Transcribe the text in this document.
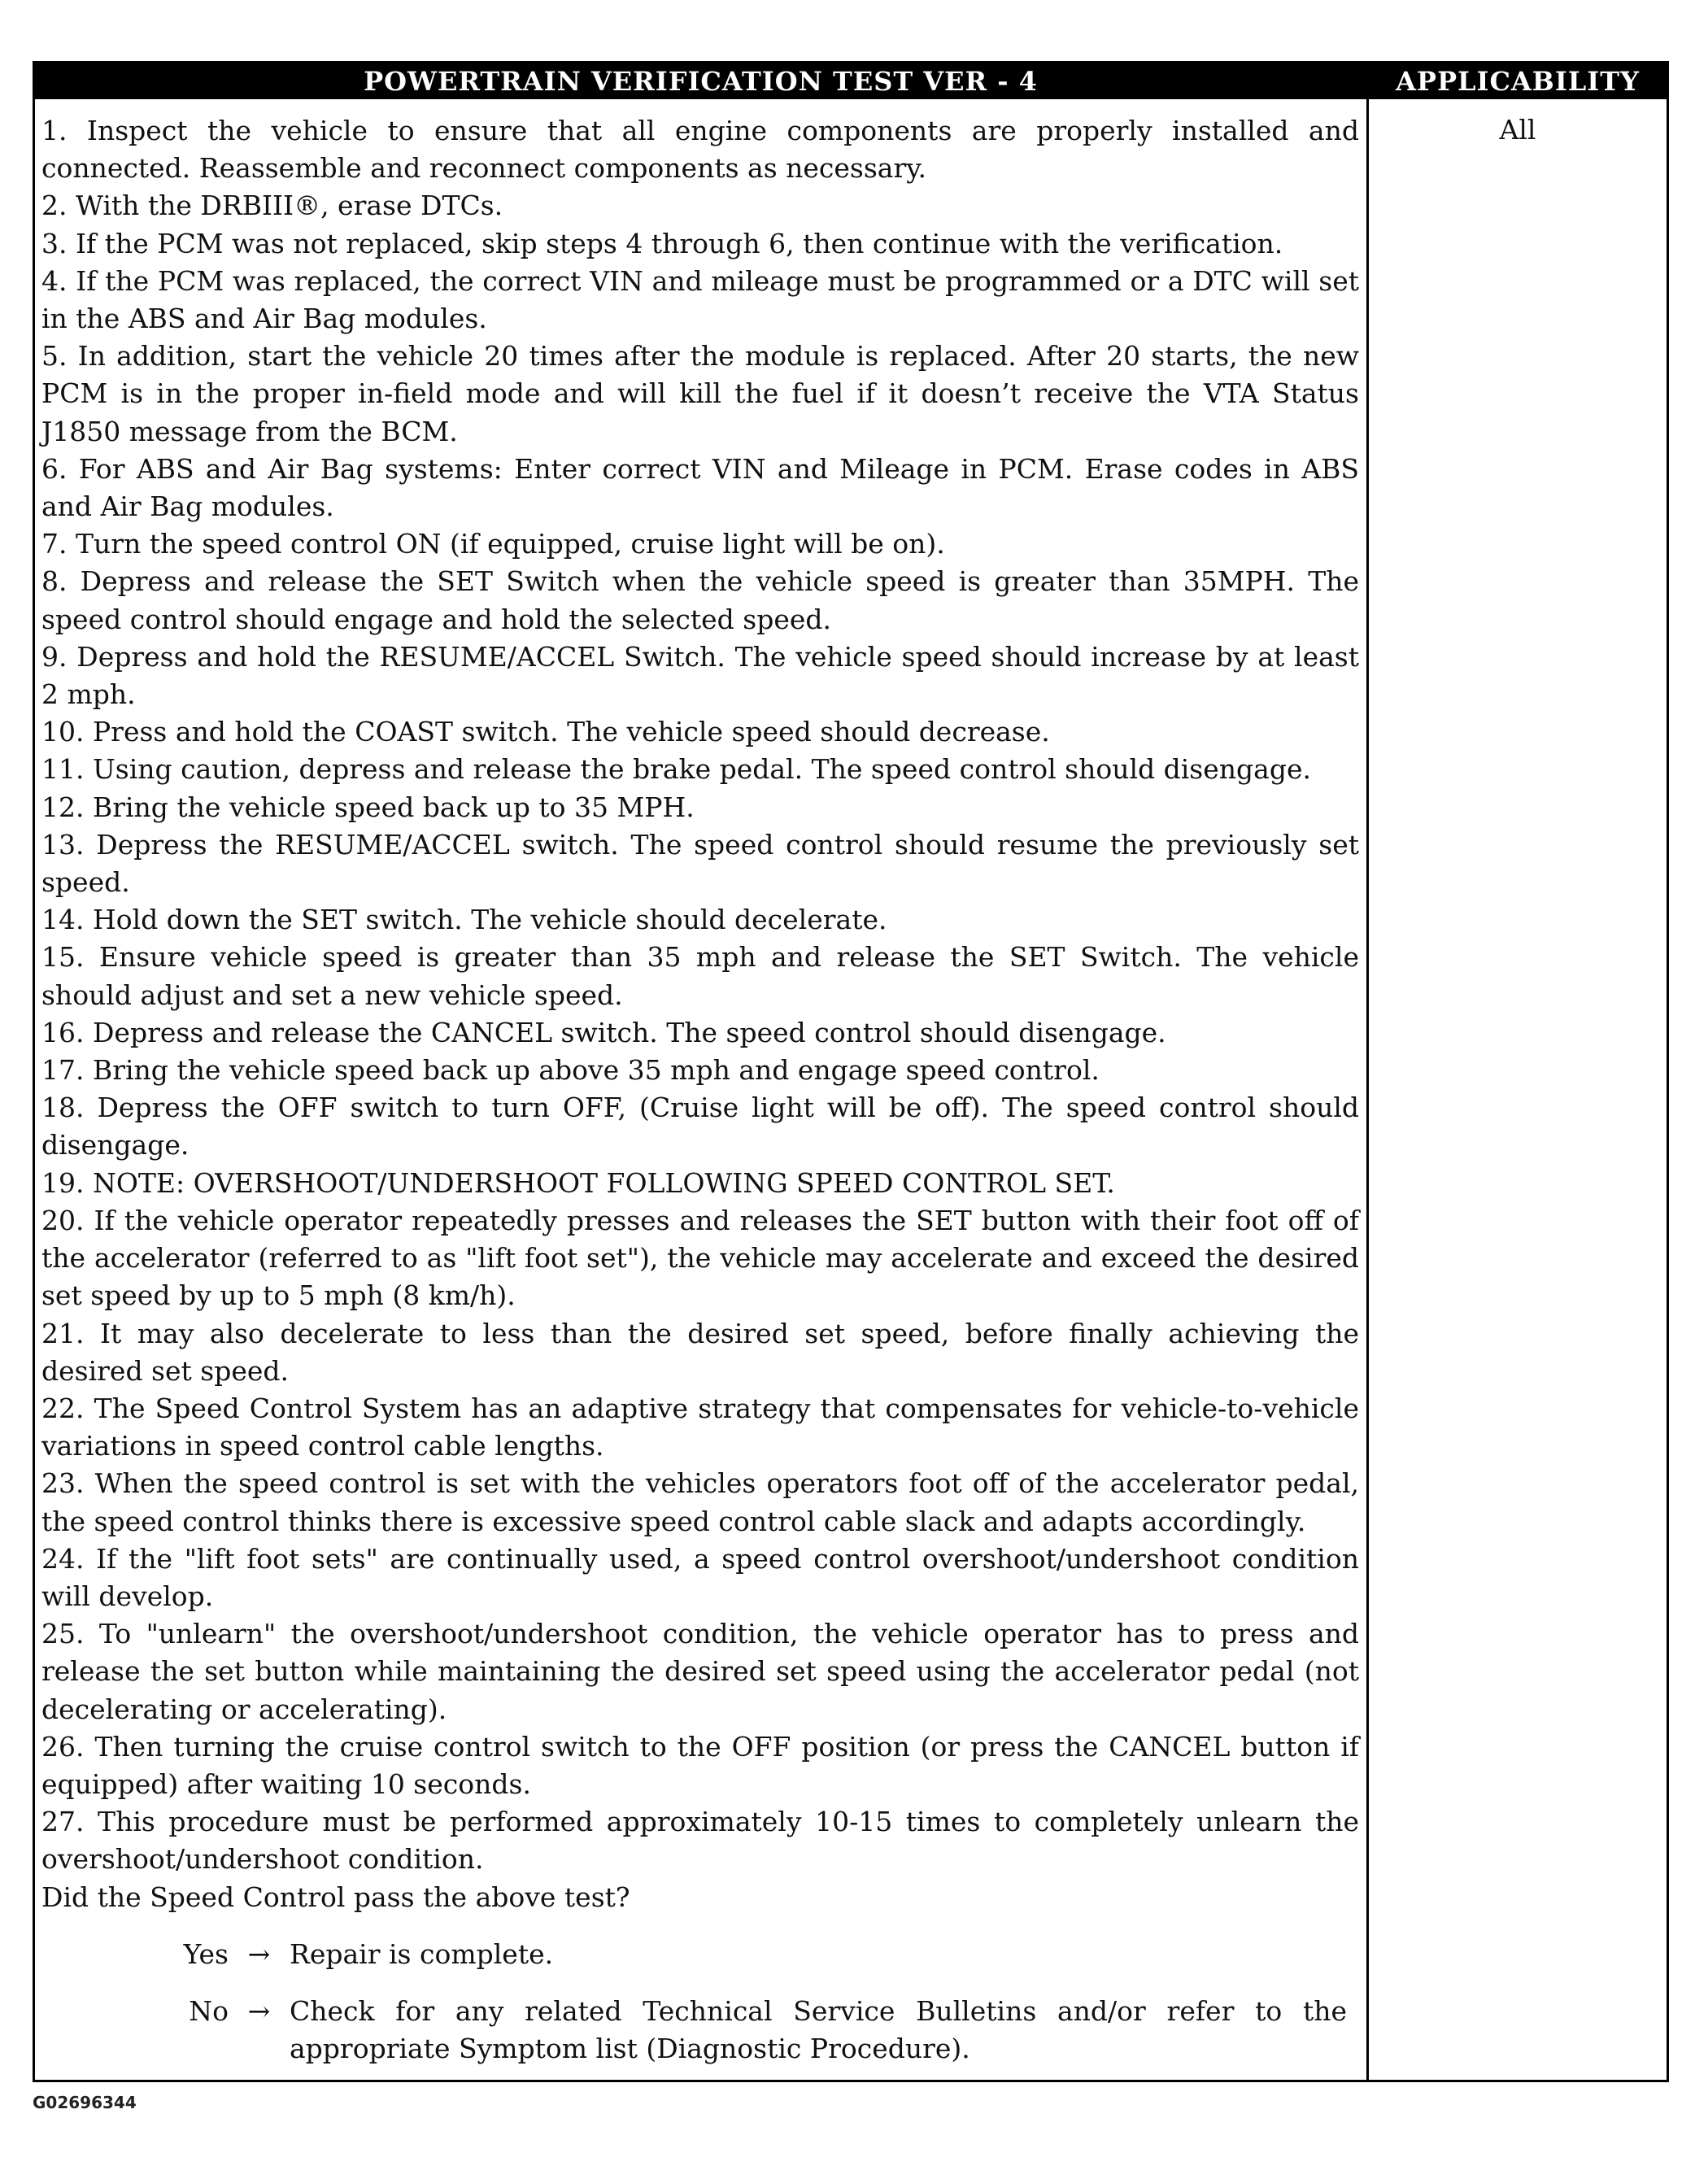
POWERTRAIN VERIFICATION TEST VER - 4	APPLICABILITY

1. Inspect the vehicle to ensure that all engine components are properly installed and connected. Reassemble and reconnect components as necessary.

2. With the DRBIII®, erase DTCs.

3. If the PCM was not replaced, skip steps 4 through 6, then continue with the verification.

4. If the PCM was replaced, the correct VIN and mileage must be programmed or a DTC will set in the ABS and Air Bag modules.

5. In addition, start the vehicle 20 times after the module is replaced. After 20 starts, the new PCM is in the proper in-field mode and will kill the fuel if it doesn’t receive the VTA Status J1850 message from the BCM.

6. For ABS and Air Bag systems: Enter correct VIN and Mileage in PCM. Erase codes in ABS and Air Bag modules.

7. Turn the speed control ON (if equipped, cruise light will be on).

8. Depress and release the SET Switch when the vehicle speed is greater than 35MPH. The speed control should engage and hold the selected speed.

9. Depress and hold the RESUME/ACCEL Switch. The vehicle speed should increase by at least 2 mph.

10. Press and hold the COAST switch. The vehicle speed should decrease.

11. Using caution, depress and release the brake pedal. The speed control should disengage.

12. Bring the vehicle speed back up to 35 MPH.

13. Depress the RESUME/ACCEL switch. The speed control should resume the previously set speed.

14. Hold down the SET switch. The vehicle should decelerate.

15. Ensure vehicle speed is greater than 35 mph and release the SET Switch. The vehicle should adjust and set a new vehicle speed.

16. Depress and release the CANCEL switch. The speed control should disengage.

17. Bring the vehicle speed back up above 35 mph and engage speed control.

18. Depress the OFF switch to turn OFF, (Cruise light will be off). The speed control should disengage.

19. NOTE: OVERSHOOT/UNDERSHOOT FOLLOWING SPEED CONTROL SET.

20. If the vehicle operator repeatedly presses and releases the SET button with their foot off of the accelerator (referred to as "lift foot set"), the vehicle may accelerate and exceed the desired set speed by up to 5 mph (8 km/h).

21. It may also decelerate to less than the desired set speed, before finally achieving the desired set speed.

22. The Speed Control System has an adaptive strategy that compensates for vehicle-to-vehicle variations in speed control cable lengths.

23. When the speed control is set with the vehicles operators foot off of the accelerator pedal, the speed control thinks there is excessive speed control cable slack and adapts accordingly.

24. If the "lift foot sets" are continually used, a speed control overshoot/undershoot condition will develop.

25. To "unlearn" the overshoot/undershoot condition, the vehicle operator has to press and release the set button while maintaining the desired set speed using the accelerator pedal (not decelerating or accelerating).

26. Then turning the cruise control switch to the OFF position (or press the CANCEL button if equipped) after waiting 10 seconds.

27. This procedure must be performed approximately 10-15 times to completely unlearn the overshoot/undershoot condition.

Did the Speed Control pass the above test?

Yes → Repair is complete.
No → Check for any related Technical Service Bulletins and/or refer to the appropriate Symptom list (Diagnostic Procedure).
All
G02696344
